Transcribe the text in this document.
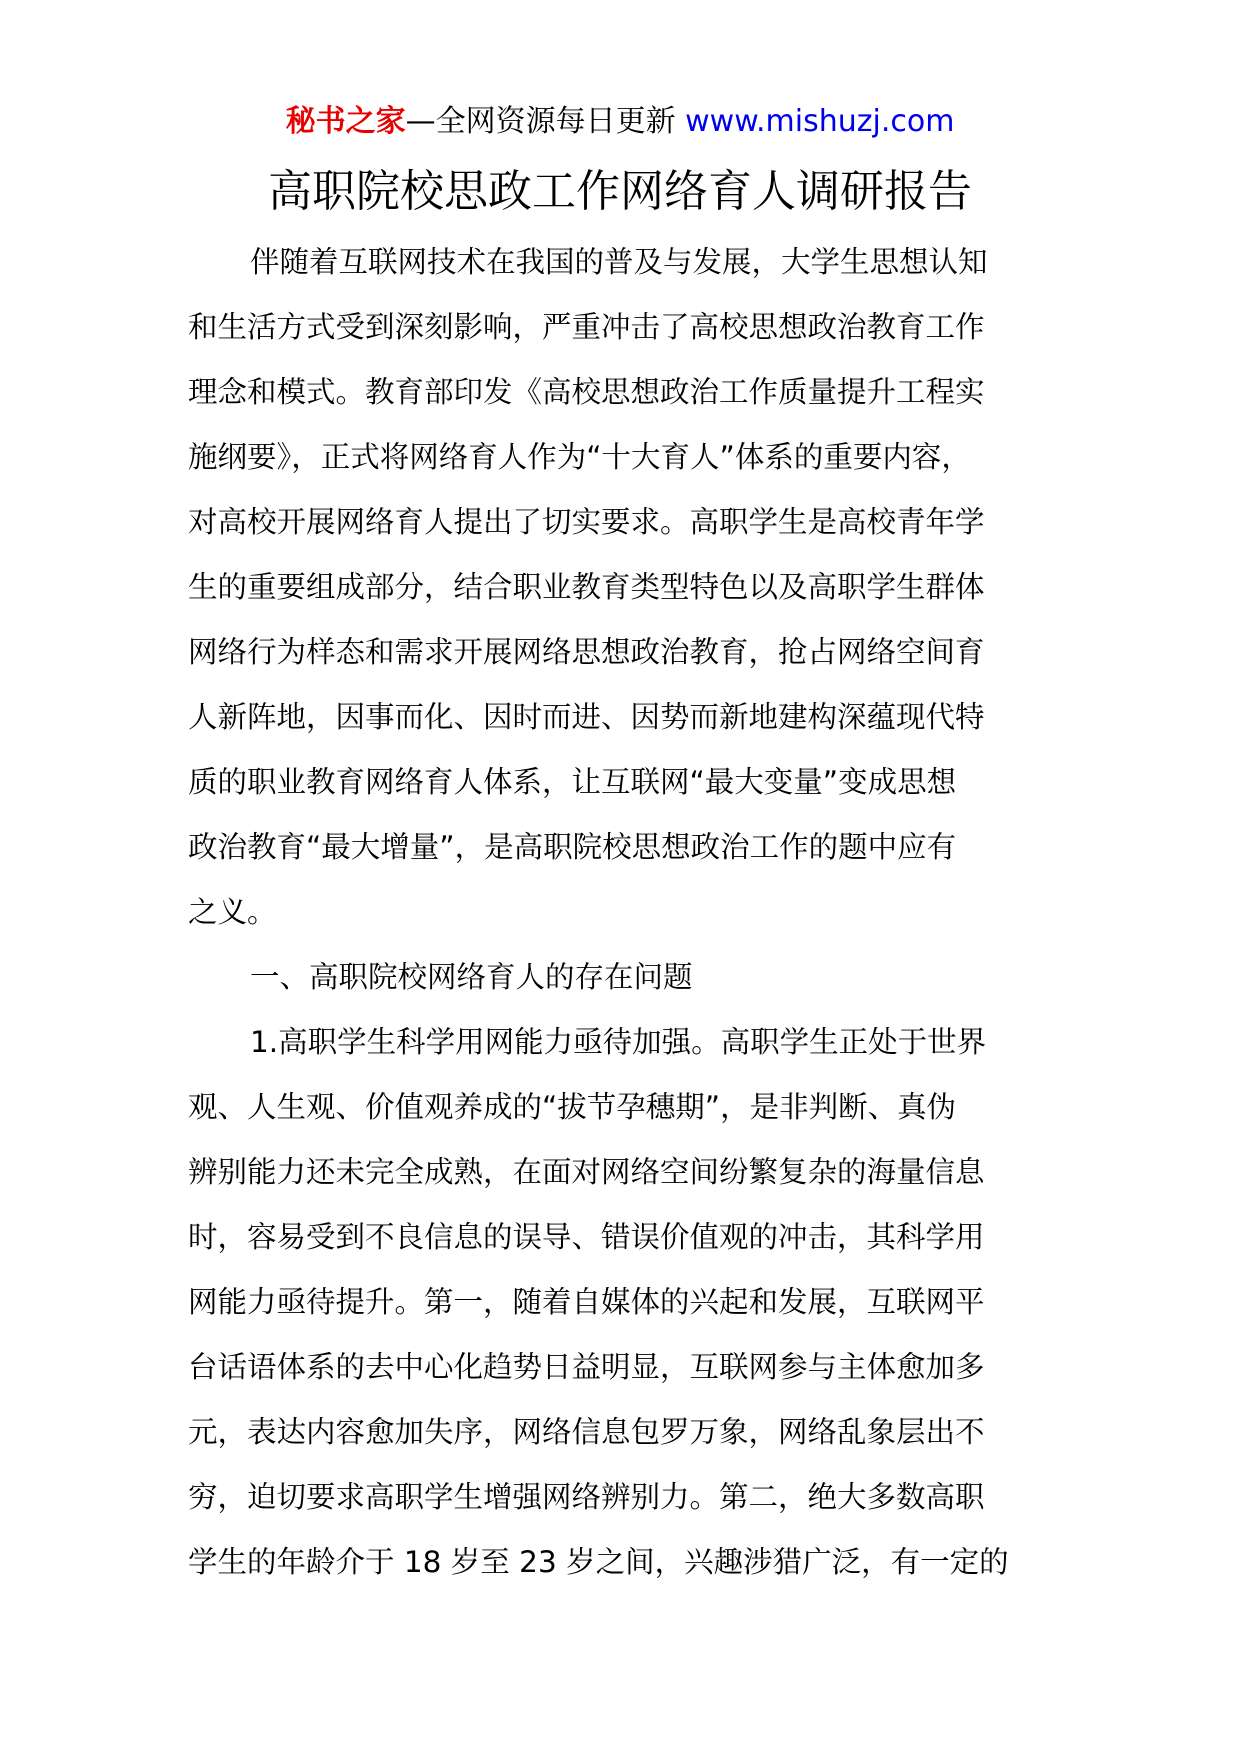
秘书之家—全网资源每日更新 www.mishuzj.com
高职院校思政工作网络育人调研报告
伴随着互联网技术在我国的普及与发展，大学生思想认知
和生活方式受到深刻影响，严重冲击了高校思想政治教育工作
理念和模式。教育部印发《高校思想政治工作质量提升工程实
施纲要》，正式将网络育人作为“十大育人”体系的重要内容，
对高校开展网络育人提出了切实要求。高职学生是高校青年学
生的重要组成部分，结合职业教育类型特色以及高职学生群体
网络行为样态和需求开展网络思想政治教育，抢占网络空间育
人新阵地，因事而化、因时而进、因势而新地建构深蕴现代特
质的职业教育网络育人体系，让互联网“最大变量”变成思想
政治教育“最大增量”，是高职院校思想政治工作的题中应有
之义。
一、高职院校网络育人的存在问题
1.高职学生科学用网能力亟待加强。高职学生正处于世界
观、人生观、价值观养成的“拔节孕穗期”，是非判断、真伪
辨别能力还未完全成熟，在面对网络空间纷繁复杂的海量信息
时，容易受到不良信息的误导、错误价值观的冲击，其科学用
网能力亟待提升。第一，随着自媒体的兴起和发展，互联网平
台话语体系的去中心化趋势日益明显，互联网参与主体愈加多
元，表达内容愈加失序，网络信息包罗万象，网络乱象层出不
穷，迫切要求高职学生增强网络辨别力。第二，绝大多数高职
学生的年龄介于 18 岁至 23 岁之间，兴趣涉猎广泛，有一定的
